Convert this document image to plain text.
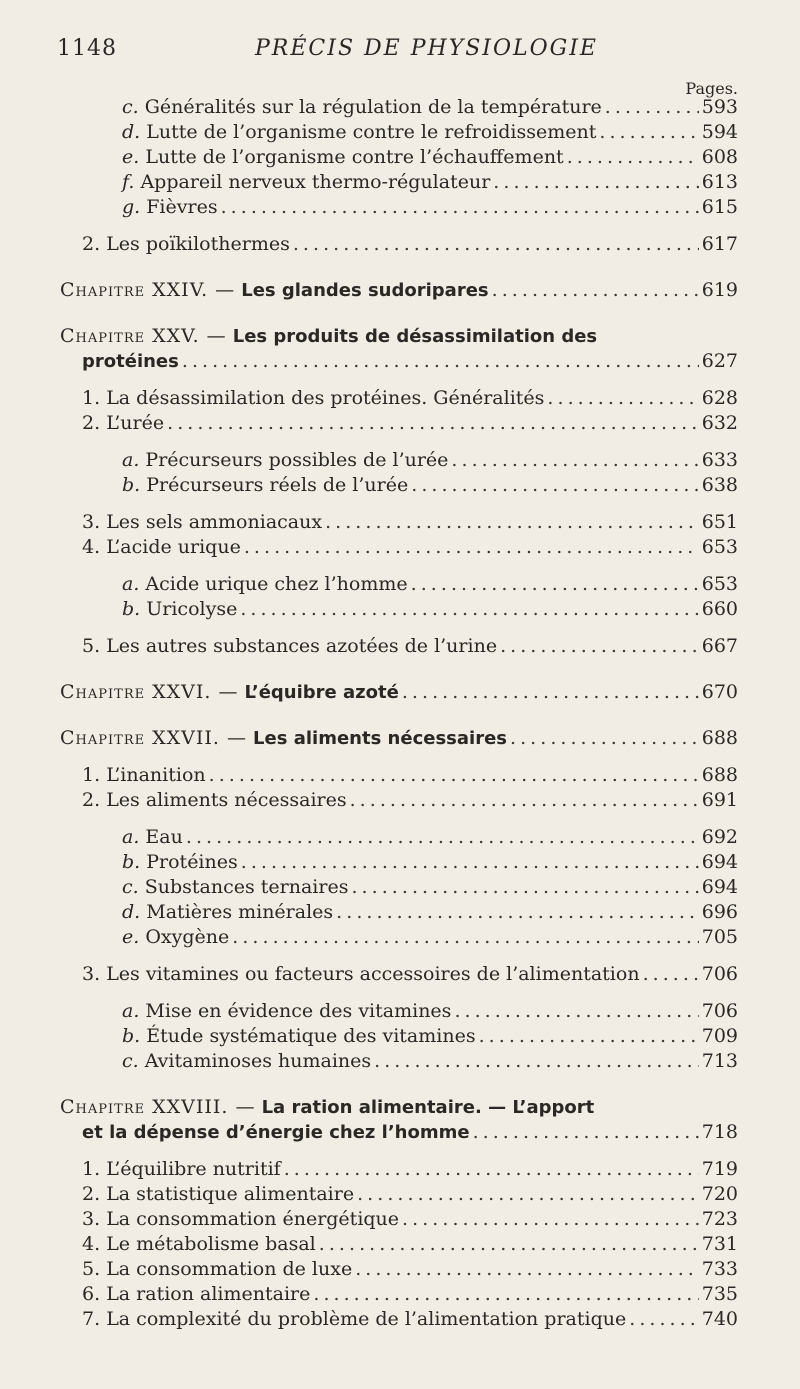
1148	PRÉCIS DE PHYSIOLOGIE
Pages.
c. Généralités sur la régulation de la température . . .	593
d. Lutte de l’organisme contre le refroidissement . . .	594
e. Lutte de l’organisme contre l’échauffement . . .	608
f. Appareil nerveux thermo-régulateur . . .	613
g. Fièvres . . .	615
2. Les poïkilothermes . . .	617
Chapitre XXIV. — Les glandes sudoripares . . .	619
Chapitre XXV. — Les produits de désassimilation des
protéines . . .	627
1. La désassimilation des protéines. Généralités . . .	628
2. L’urée . . .	632
a. Précurseurs possibles de l’urée . . .	633
b. Précurseurs réels de l’urée . . .	638
3. Les sels ammoniacaux . . .	651
4. L’acide urique . . .	653
a. Acide urique chez l’homme . . .	653
b. Uricolyse . . .	660
5. Les autres substances azotées de l’urine . . .	667
Chapitre XXVI. — L’équibre azoté . . .	670
Chapitre XXVII. — Les aliments nécessaires . . .	688
1. L’inanition . . .	688
2. Les aliments nécessaires . . .	691
a. Eau . . .	692
b. Protéines . . .	694
c. Substances ternaires . . .	694
d. Matières minérales . . .	696
e. Oxygène . . .	705
3. Les vitamines ou facteurs accessoires de l’alimentation . . .	706
a. Mise en évidence des vitamines . . .	706
b. Étude systématique des vitamines . . .	709
c. Avitaminoses humaines . . .	713
Chapitre XXVIII. — La ration alimentaire. — L’apport
et la dépense d’énergie chez l’homme . . .	718
1. L’équilibre nutritif . . .	719
2. La statistique alimentaire . . .	720
3. La consommation énergétique . . .	723
4. Le métabolisme basal . . .	731
5. La consommation de luxe . . .	733
6. La ration alimentaire . . .	735
7. La complexité du problème de l’alimentation pratique . . .	740
